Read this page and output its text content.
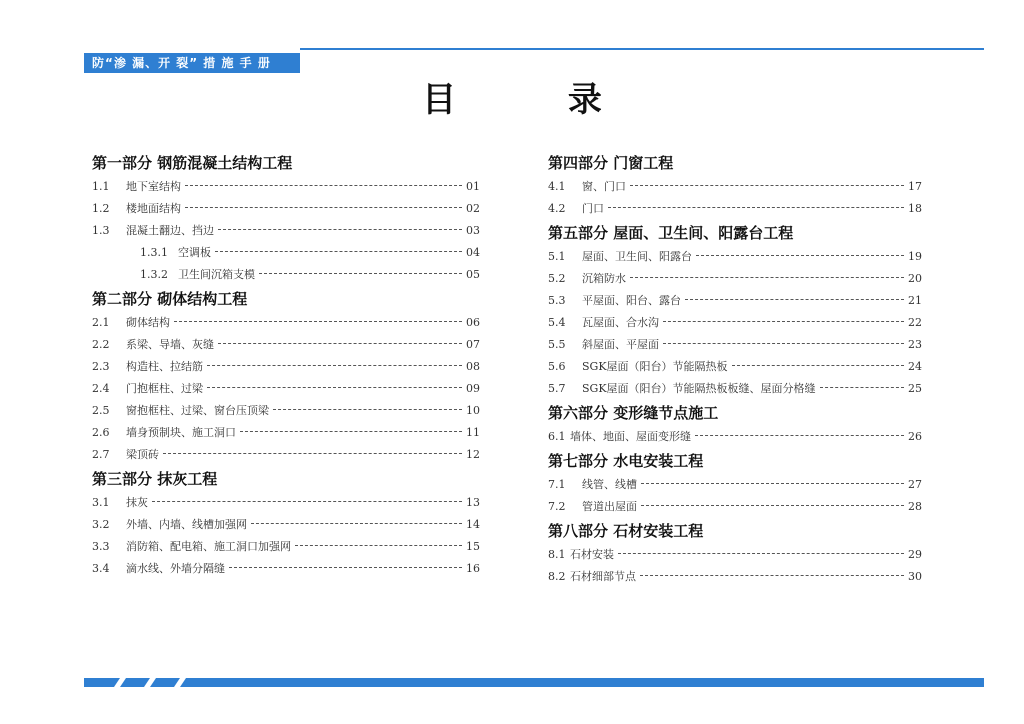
防“渗 漏、开 裂” 措 施 手 册
目 录
第一部分 钢筋混凝土结构工程
1.1	地下室结构	01
1.2	楼地面结构	02
1.3	混凝土翻边、挡边	03
1.3.1 空调板	04
1.3.2 卫生间沉箱支模	05
第二部分 砌体结构工程
2.1	砌体结构	06
2.2	系梁、导墙、灰缝	07
2.3	构造柱、拉结筋	08
2.4	门抱框柱、过梁	09
2.5	窗抱框柱、过梁、窗台压顶梁	10
2.6	墙身预制块、施工洞口	11
2.7	梁顶砖	12
第三部分 抹灰工程
3.1	抹灰	13
3.2	外墙、内墙、线槽加强网	14
3.3	消防箱、配电箱、施工洞口加强网	15
3.4	滴水线、外墙分隔缝	16
第四部分 门窗工程
4.1	窗、门口	17
4.2	门口	18
第五部分 屋面、卫生间、阳露台工程
5.1	屋面、卫生间、阳露台	19
5.2	沉箱防水	20
5.3	平屋面、阳台、露台	21
5.4	瓦屋面、合水沟	22
5.5	斜屋面、平屋面	23
5.6	SGK屋面（阳台）节能隔热板	24
5.7	SGK屋面（阳台）节能隔热板板缝、屋面分格缝	25
第六部分 变形缝节点施工
6.1 墙体、地面、屋面变形缝	26
第七部分 水电安装工程
7.1	线管、线槽	27
7.2	管道出屋面	28
第八部分 石材安装工程
8.1 石材安装	29
8.2 石材细部节点	30
